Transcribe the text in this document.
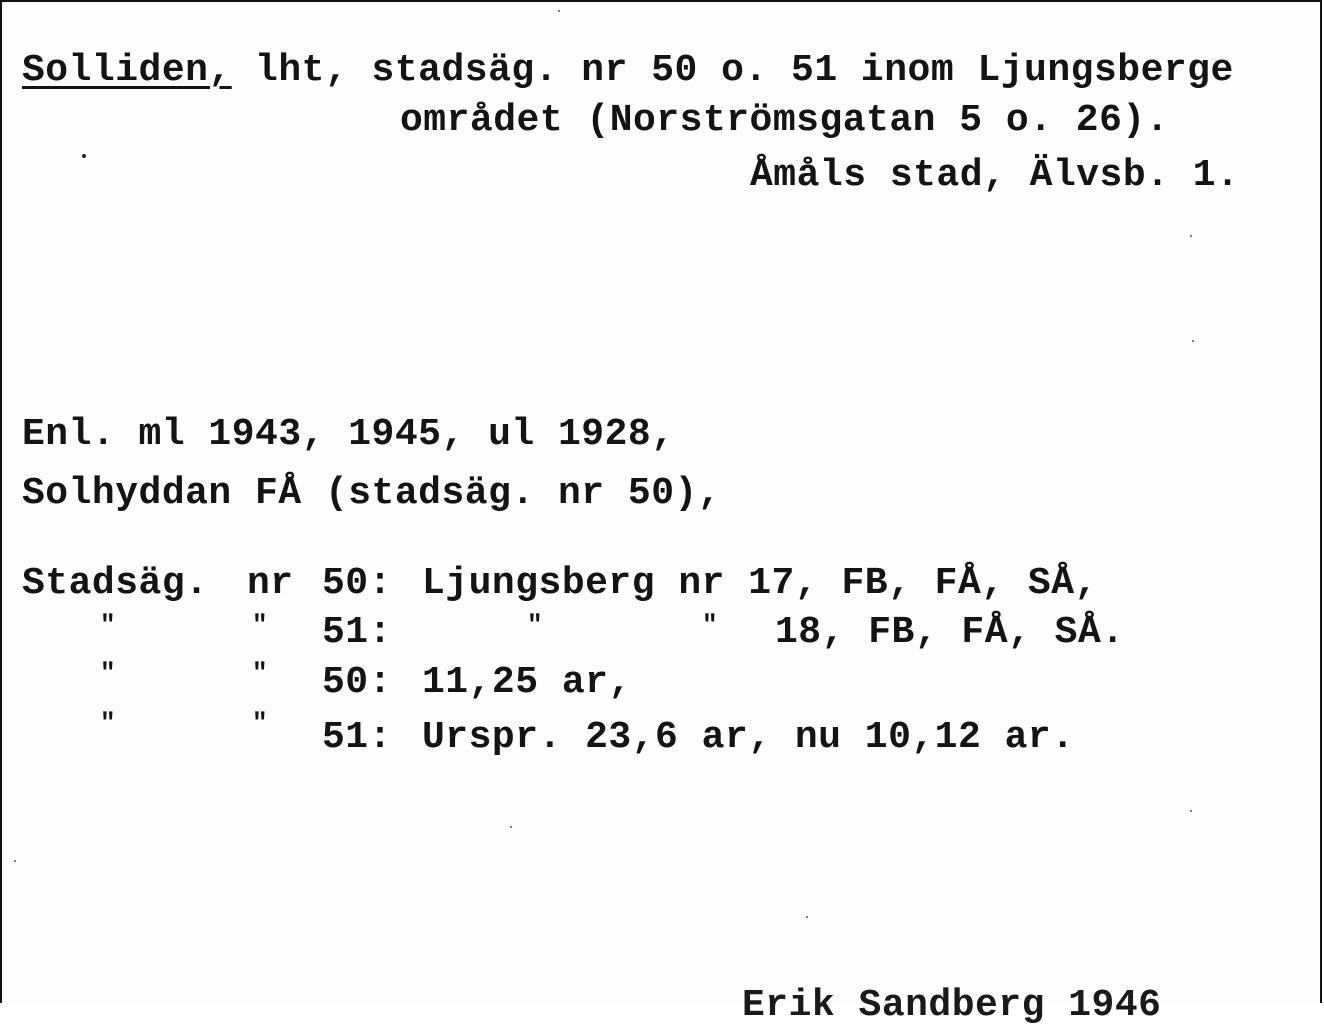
Solliden, lht, stadsäg. nr 50 o. 51 inom Ljungsberge
området (Norströmsgatan 5 o. 26).
Åmåls stad, Älvsb. 1.
Enl. ml 1943, 1945, ul 1928,
Solhyddan FÅ (stadsäg. nr 50),
Stadsäg. nr 50: Ljungsberg nr 17, FB, FÅ, SÅ,
"	" 51:	"	" 18, FB, FÅ, SÅ.
"	" 50: 11,25 ar,
"	" 51: Urspr. 23,6 ar, nu 10,12 ar.
Erik Sandberg 1946
